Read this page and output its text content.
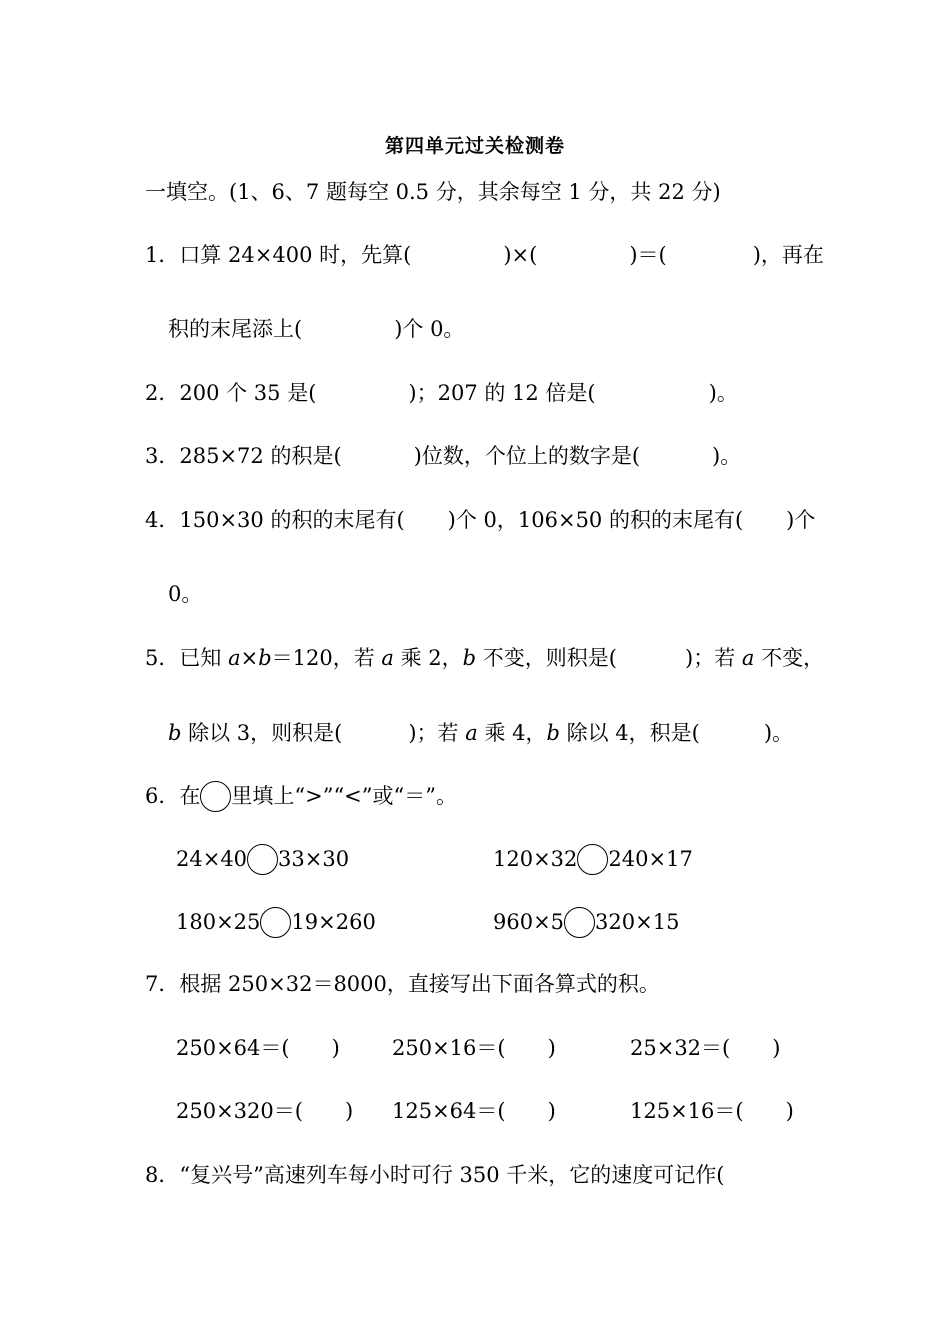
第四单元过关检测卷
一填空。(1、6、7 题每空 0.5 分，其余每空 1 分，共 22 分)
1．口算 24×400 时，先算(	)×(	)＝(	)，再在
积的末尾添上(	)个 0。
2．200 个 35 是(	)；207 的 12 倍是(	)。
3．285×72 的积是(	)位数，个位上的数字是(	)。
4．150×30 的积的末尾有( )个 0，106×50 的积的末尾有( )个
0。
5．已知 a×b＝120，若 a 乘 2，b 不变，则积是(	)；若 a 不变，
b 除以 3，则积是(	)；若 a 乘 4，b 除以 4，积是(	)。
6．在 里填上“>”“<”或“＝”。
24×40 33×30	120×32 240×17
180×25 19×260	960×5 320×15
7．根据 250×32＝8000，直接写出下面各算式的积。
250×64＝(　　) 250×16＝(　　)	25×32＝(　　)
250×320＝(　　) 125×64＝(　　)	125×16＝(　　)
8．“复兴号”高速列车每小时可行 350 千米，它的速度可记作(
